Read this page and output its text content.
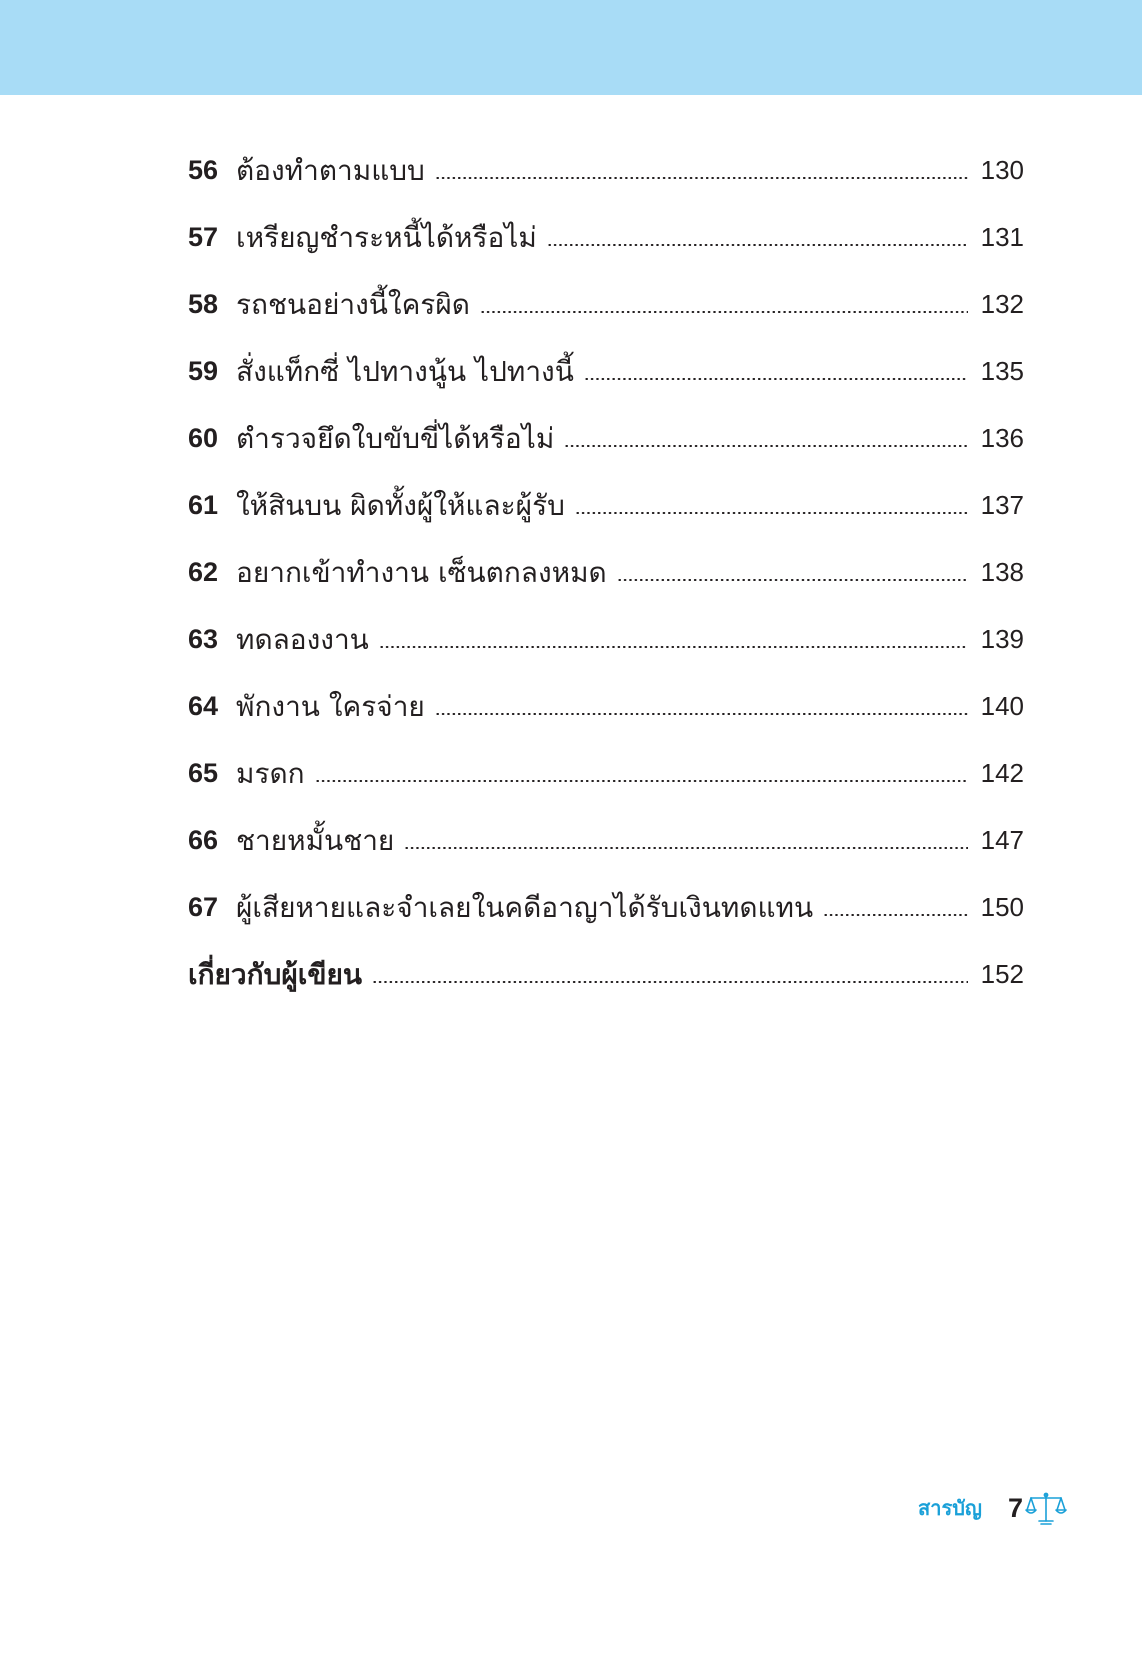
56 ต้องทำตามแบบ	130
57 เหรียญชำระหนี้ได้หรือไม่	131
58 รถชนอย่างนี้ใครผิด	132
59 สั่งแท็กซี่ ไปทางนู้น ไปทางนี้	135
60 ตำรวจยึดใบขับขี่ได้หรือไม่	136
61 ให้สินบน ผิดทั้งผู้ให้และผู้รับ	137
62 อยากเข้าทำงาน เซ็นตกลงหมด	138
63 ทดลองงาน	139
64 พักงาน ใครจ่าย	140
65 มรดก	142
66 ชายหมั้นชาย	147
67 ผู้เสียหายและจำเลยในคดีอาญาได้รับเงินทดแทน	150
เกี่ยวกับผู้เขียน	152
สารบัญ 7
